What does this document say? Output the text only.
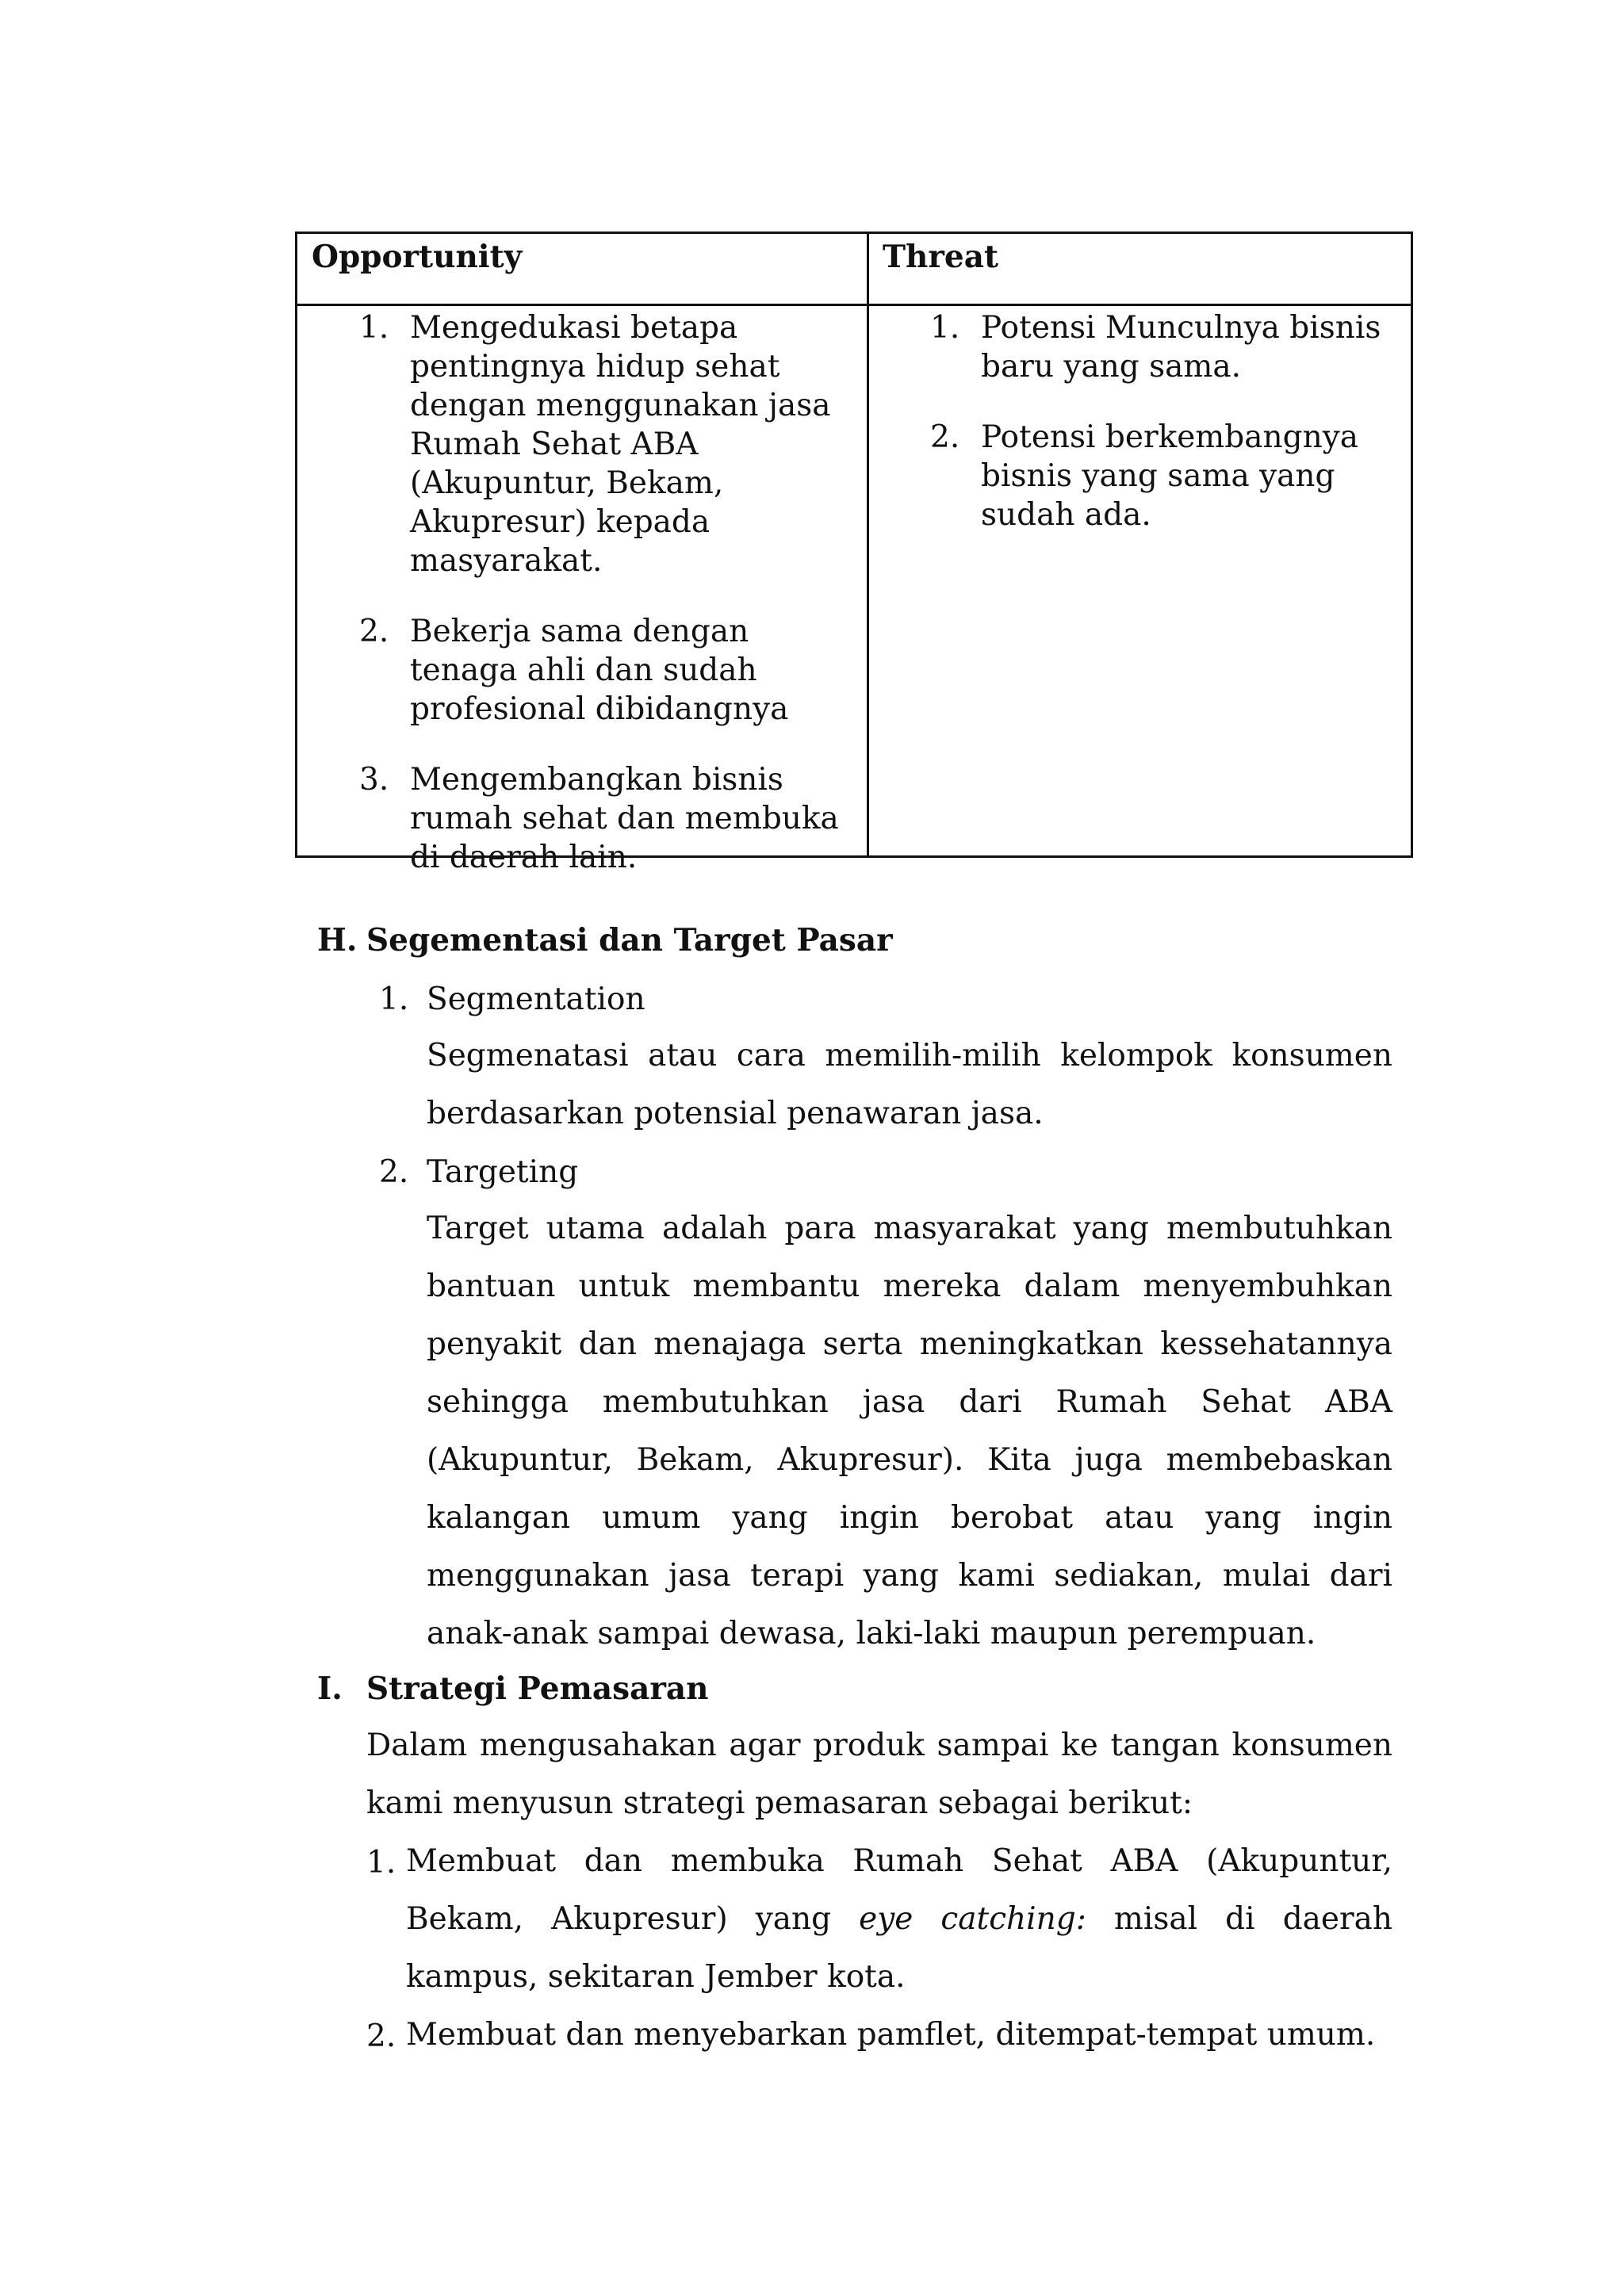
Opportunity	Threat
1. Mengedukasi betapa pentingnya hidup sehat dengan menggunakan jasa Rumah Sehat ABA (Akupuntur, Bekam, Akupresur) kepada masyarakat.
2. Bekerja sama dengan tenaga ahli dan sudah profesional dibidangnya
3. Mengembangkan bisnis rumah sehat dan membuka di daerah lain.
1. Potensi Munculnya bisnis baru yang sama.
2. Potensi berkembangnya bisnis yang sama yang sudah ada.
H. Segementasi dan Target Pasar
1. Segmentation
Segmenatasi atau cara memilih-milih kelompok konsumen berdasarkan potensial penawaran jasa.
2. Targeting
Target utama adalah para masyarakat yang membutuhkan bantuan untuk membantu mereka dalam menyembuhkan penyakit dan menajaga serta meningkatkan kessehatannya sehingga membutuhkan jasa dari Rumah Sehat ABA (Akupuntur, Bekam, Akupresur). Kita juga membebaskan kalangan umum yang ingin berobat atau yang ingin menggunakan jasa terapi yang kami sediakan, mulai dari anak-anak sampai dewasa, laki-laki maupun perempuan.
I. Strategi Pemasaran
Dalam mengusahakan agar produk sampai ke tangan konsumen kami menyusun strategi pemasaran sebagai berikut:
1. Membuat dan membuka Rumah Sehat ABA (Akupuntur, Bekam, Akupresur) yang eye catching: misal di daerah kampus, sekitaran Jember kota.
2. Membuat dan menyebarkan pamflet, ditempat-tempat umum.
